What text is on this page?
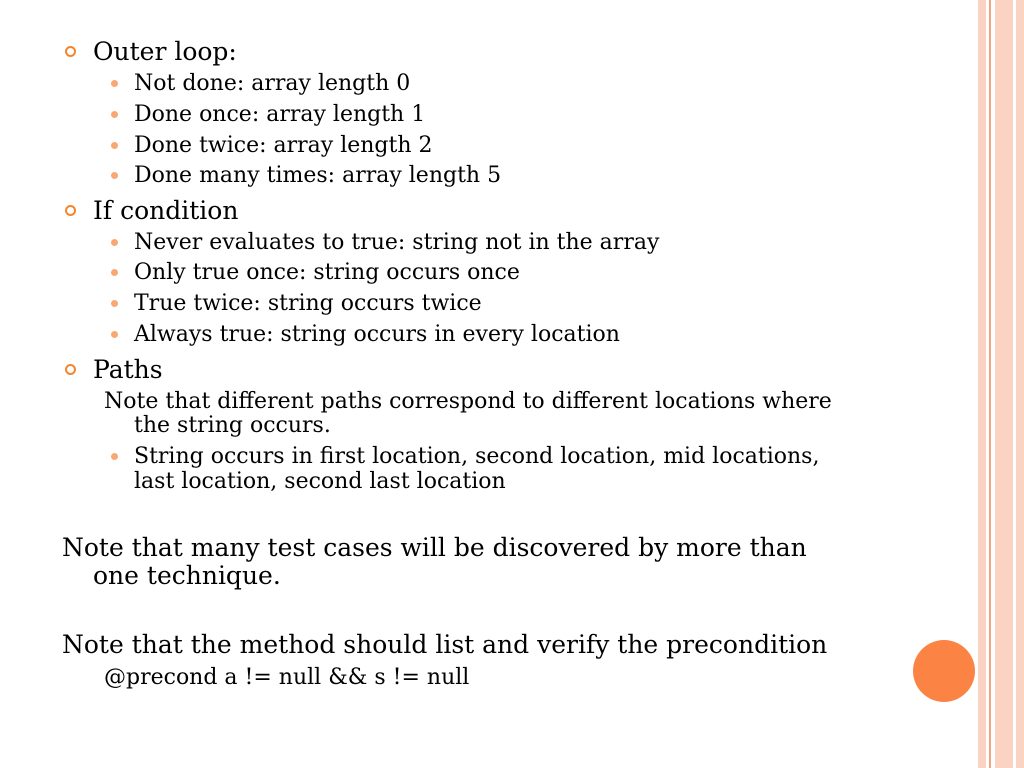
Outer loop:
Not done: array length 0
Done once: array length 1
Done twice: array length 2
Done many times: array length 5
If condition
Never evaluates to true: string not in the array
Only true once: string occurs once
True twice: string occurs twice
Always true: string occurs in every location
Paths
Note that different paths correspond to different locations where
the string occurs.
String occurs in first location, second location, mid locations,
last location, second last location
Note that many test cases will be discovered by more than
one technique.
Note that the method should list and verify the precondition
@precond a != null && s != null
